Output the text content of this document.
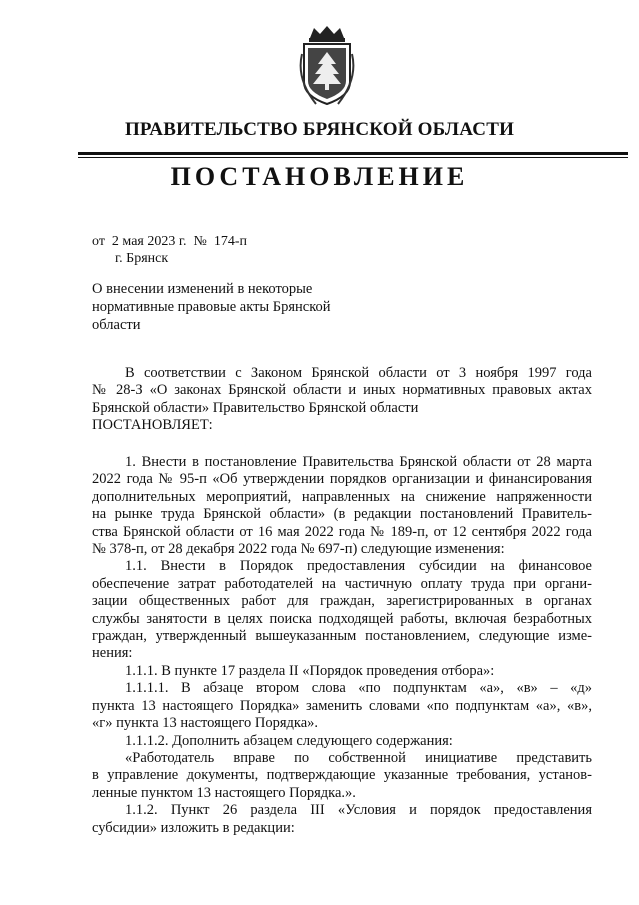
ПРАВИТЕЛЬСТВО БРЯНСКОЙ ОБЛАСТИ
ПОСТАНОВЛЕНИЕ
от  2 мая 2023 г.  №  174-п
г. Брянск
О внесении изменений в некоторые
нормативные правовые акты Брянской
области
В соответствии с Законом Брянской области от 3 ноября 1997 года
№ 28-З «О законах Брянской области и иных нормативных правовых актах
Брянской области» Правительство Брянской области
ПОСТАНОВЛЯЕТ:
1. Внести в постановление Правительства Брянской области от 28 марта
2022 года № 95-п «Об утверждении порядков организации и финансирования
дополнительных мероприятий, направленных на снижение напряженности
на рынке труда Брянской области» (в редакции постановлений Правитель-
ства Брянской области от 16 мая 2022 года № 189-п, от 12 сентября 2022 года
№ 378-п, от 28 декабря 2022 года № 697-п) следующие изменения:
1.1. Внести в Порядок предоставления субсидии на финансовое
обеспечение затрат работодателей на частичную оплату труда при органи-
зации общественных работ для граждан, зарегистрированных в органах
службы занятости в целях поиска подходящей работы, включая безработных
граждан, утвержденный вышеуказанным постановлением, следующие изме-
нения:
1.1.1. В пункте 17 раздела II «Порядок проведения отбора»:
1.1.1.1. В абзаце втором слова «по подпунктам «а», «в» – «д»
пункта 13 настоящего Порядка» заменить словами «по подпунктам «а», «в»,
«г» пункта 13 настоящего Порядка».
1.1.1.2. Дополнить абзацем следующего содержания:
«Работодатель вправе по собственной инициативе представить
в управление документы, подтверждающие указанные требования, установ-
ленные пунктом 13 настоящего Порядка.».
1.1.2. Пункт 26 раздела III «Условия и порядок предоставления
субсидии» изложить в редакции:
